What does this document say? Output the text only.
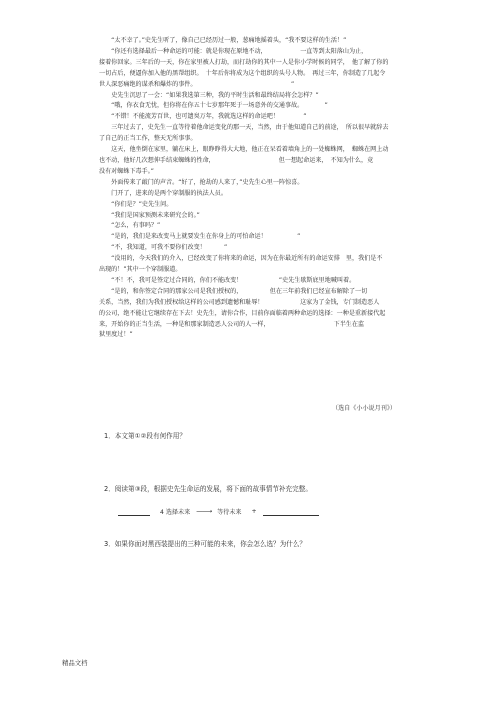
　　“太不幸了。”史先生听了，像自己已经历过一般，葱痛地摇着头，“我不要这样的生活！”

　　“你还有选择最后一种命运的可能：就是你现在原地不动，　　　　　　一直等到太阳落山为止，

接着你回家。三年后的一天，你在家里被人打劫，而打劫你的其中一人是你小学时候的同学，　他了解了你的

一切占后，便逼你加入他的黑帮组织。　十年后你将成为这个组织的头号人物。　再过三年，你制造了几起令

世人深恶痛绝的谋杀和爆炸的事件。　　　　　　　　　　　　　　　　”

　　史先生沉思了一会：“如果我选第三种，我的平时生活和最终结局将会怎样？”

　　“哦，你衣食无忧，但你将在你五十七岁那年死于一场意外的交通事故。　　　　”

　　“不错！不能流芳百世，也可遗臭万年，我就选这样的命运吧！　　　　”

　　三年过去了，史先生一直等待着他命运变化的那一天，当然，由于他知道自己的前途，　所以很早就辞去

了自己的正当工作，整天无所事事。

　　这天，他坐倒在家里，躺在床上，眼睁睁得大大地，他正在呆看着墙角上的一处蜘蛛网，　蜘蛛在网上动

也不动，他好几次想伸手结束蜘蛛的性命，　　　　　　　　　　　但一想起命运来，　不知为什么，竟

没有对蜘蛛下毒手。”

　　外面传来了敲门的声音。“好了，抢劫的人来了，”史先生心里一阵惊喜。

　　门开了，进来的是两个穿制服的执法人员。

　　“你们是？”史先生问。

　　“我们是国家预测未来研究会的。”

　　“怎么，有事吗？”

　　“是的，我们是来改变马上就要发生在你身上的可怕命运！　　　　　”

　　“不，我知道，可我不要你们改变！　　　”

　　“没用的，今天我们的介入，已经改变了你将来的命运，因为在你最近所有的命运安排　里，我们是不

出现的！”其中一个穿制服道。

　　“不！不，我可是签定过合同的，你们不能改变！　　　　　　”史先生歇斯底里地喊叫着。

　　“是的，和你签定合同的那家公司是我们授权的，　　　　　但在三年前我们已经宣布解除了一切

关系，当然，我们为我们授权给这样的公司感到遗憾和耻辱！　　　　　　这家为了金钱，专门制造恶人

的公司，绝不能让它继续存在下去！史先生，请你合作，目前你面临着两种命运的选择：一种是重新接代起

来，开始你的正当生活，一种是和那家制造恶人公司的人一样，　　　　　　　　　　　下半生在监

狱里度过！”

（选自《小小说月刊》）
1．本文第①②段有何作用？
2．阅读第③段，根据史先生命运的发展，将下面的故事情节补充完整。
4 选择未来 ---------→ 等待未来 +
3．如果你面对黑西装提出的三种可能的未来，你会怎么选？为什么？
精品文档
